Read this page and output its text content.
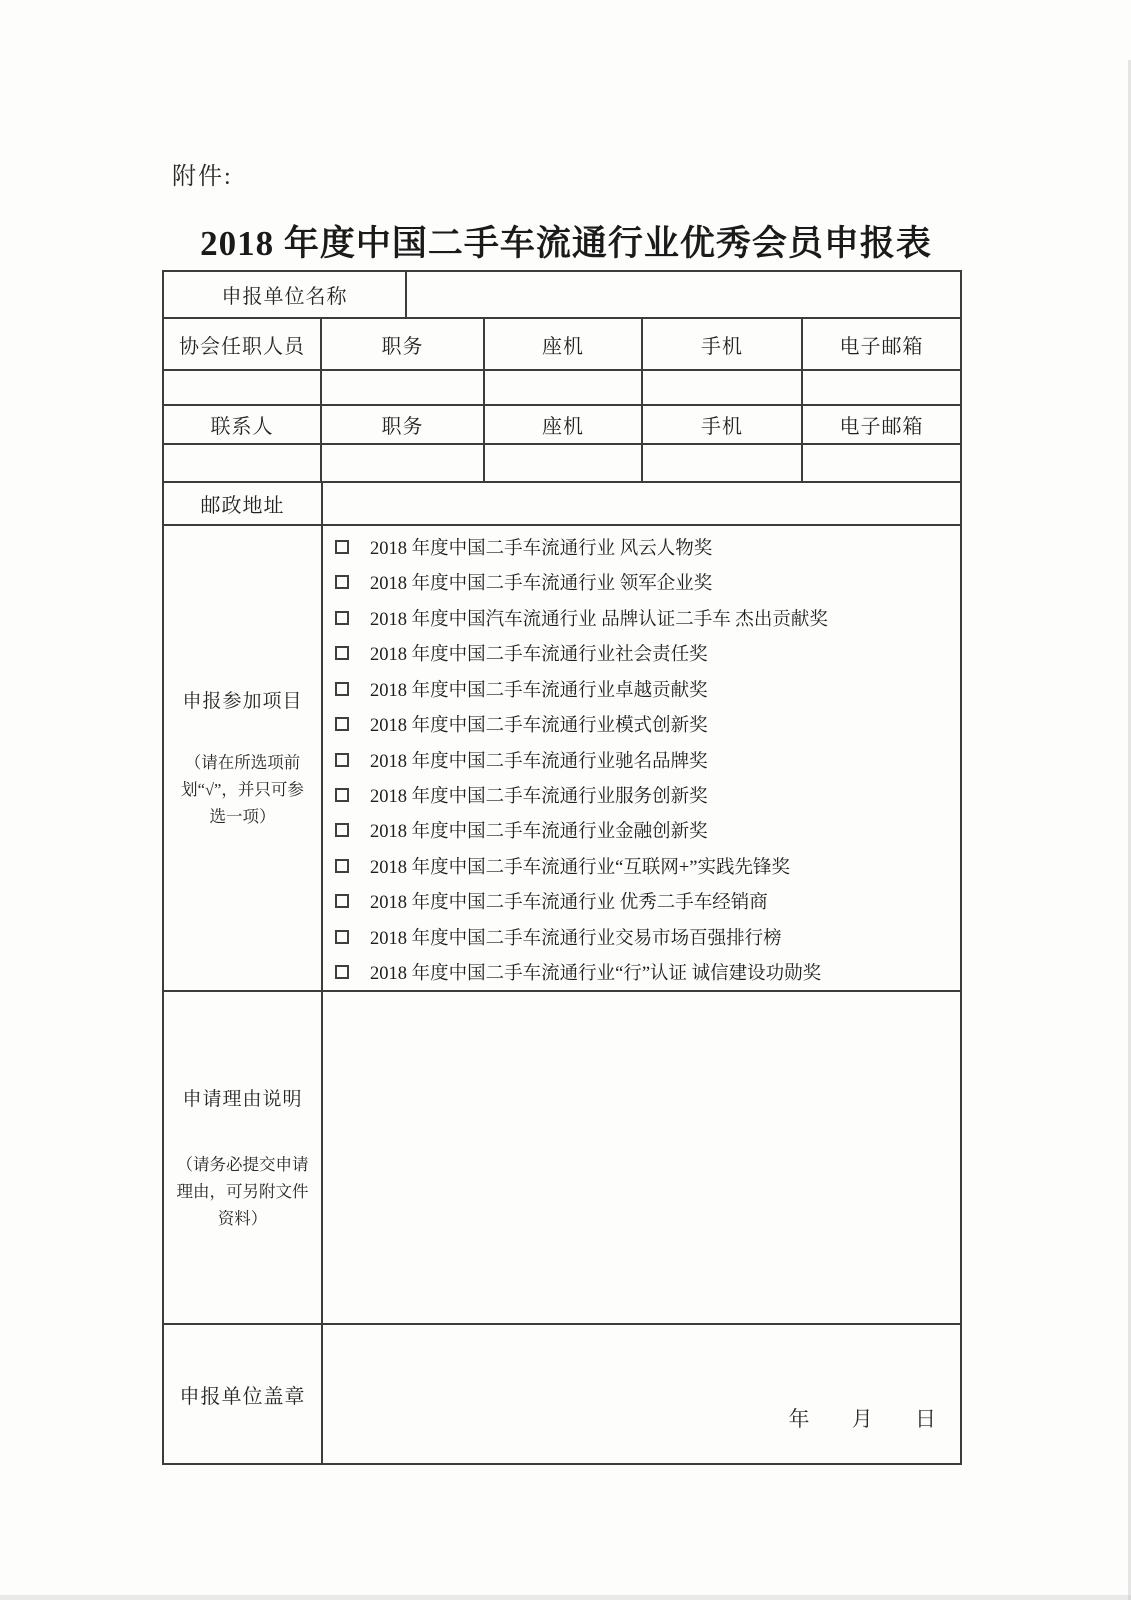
附件:
2018 年度中国二手车流通行业优秀会员申报表
申报单位名称
协会任职人员	职务	座机	手机	电子邮箱
联系人	职务	座机	手机	电子邮箱
邮政地址
申报参加项目
（请在所选项前划“√”，并只可参选一项）
2018 年度中国二手车流通行业 风云人物奖
2018 年度中国二手车流通行业 领军企业奖
2018 年度中国汽车流通行业 品牌认证二手车 杰出贡献奖
2018 年度中国二手车流通行业社会责任奖
2018 年度中国二手车流通行业卓越贡献奖
2018 年度中国二手车流通行业模式创新奖
2018 年度中国二手车流通行业驰名品牌奖
2018 年度中国二手车流通行业服务创新奖
2018 年度中国二手车流通行业金融创新奖
2018 年度中国二手车流通行业“互联网+”实践先锋奖
2018 年度中国二手车流通行业 优秀二手车经销商
2018 年度中国二手车流通行业交易市场百强排行榜
2018 年度中国二手车流通行业“行”认证 诚信建设功勋奖
申请理由说明
（请务必提交申请理由，可另附文件资料）
申报单位盖章
年 月 日
